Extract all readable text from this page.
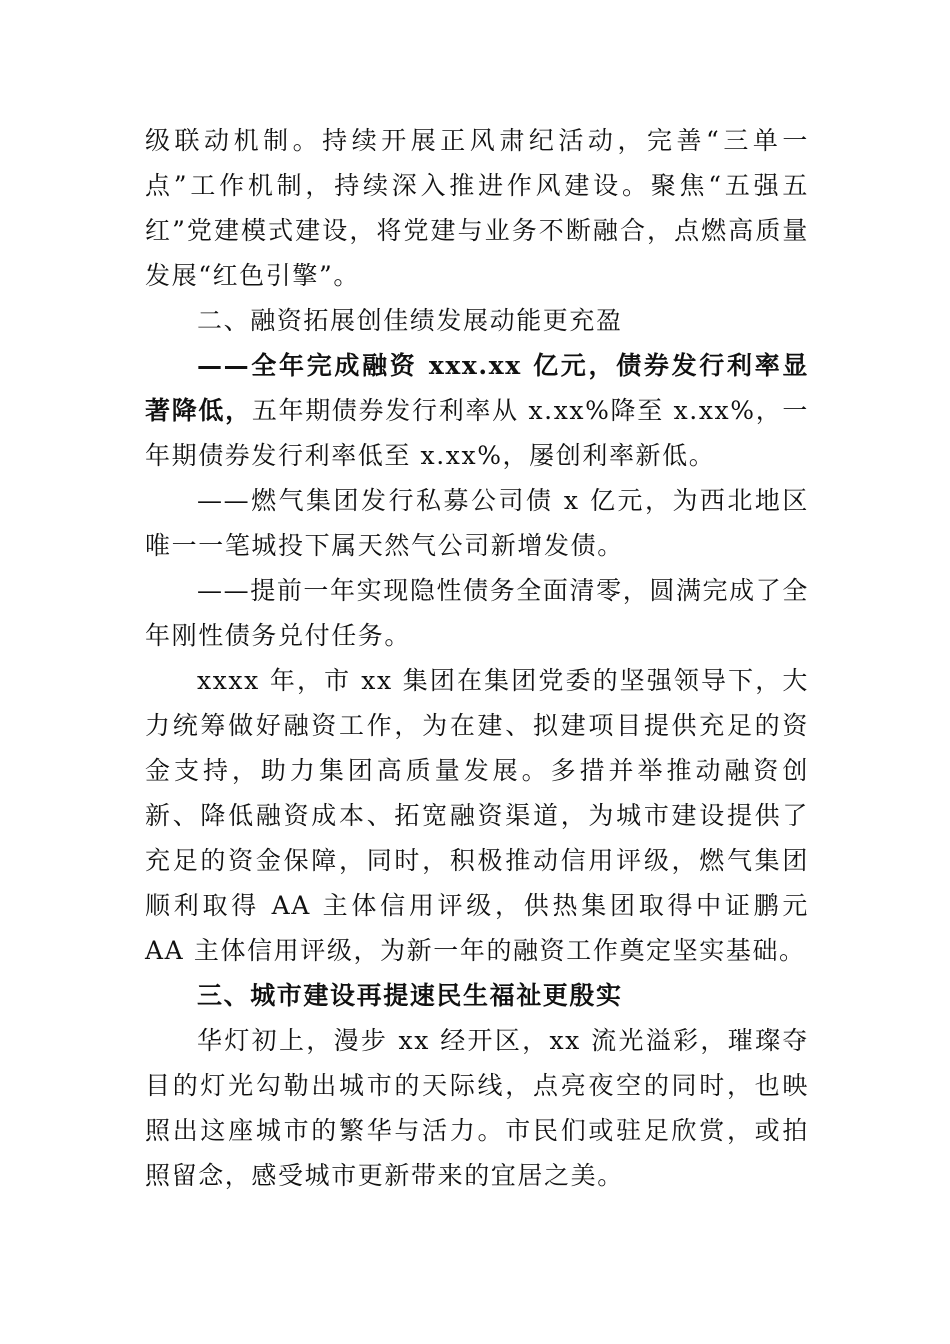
级联动机制。持续开展正风肃纪活动，完善“三单一点”工作机制，持续深入推进作风建设。聚焦“五强五红”党建模式建设，将党建与业务不断融合，点燃高质量发展“红色引擎”。

二、融资拓展创佳绩发展动能更充盈

——全年完成融资 xxx.xx 亿元，债券发行利率显著降低，五年期债券发行利率从 x.xx%降至 x.xx%，一年期债券发行利率低至 x.xx%，屡创利率新低。

——燃气集团发行私募公司债 x 亿元，为西北地区唯一一笔城投下属天然气公司新增发债。

——提前一年实现隐性债务全面清零，圆满完成了全年刚性债务兑付任务。

xxxx 年，市 xx 集团在集团党委的坚强领导下，大力统筹做好融资工作，为在建、拟建项目提供充足的资金支持，助力集团高质量发展。多措并举推动融资创新、降低融资成本、拓宽融资渠道，为城市建设提供了充足的资金保障，同时，积极推动信用评级，燃气集团顺利取得 AA 主体信用评级，供热集团取得中证鹏元 AA 主体信用评级，为新一年的融资工作奠定坚实基础。

三、城市建设再提速民生福祉更殷实

华灯初上，漫步 xx 经开区，xx 流光溢彩，璀璨夺目的灯光勾勒出城市的天际线，点亮夜空的同时，也映照出这座城市的繁华与活力。市民们或驻足欣赏，或拍照留念，感受城市更新带来的宜居之美。
